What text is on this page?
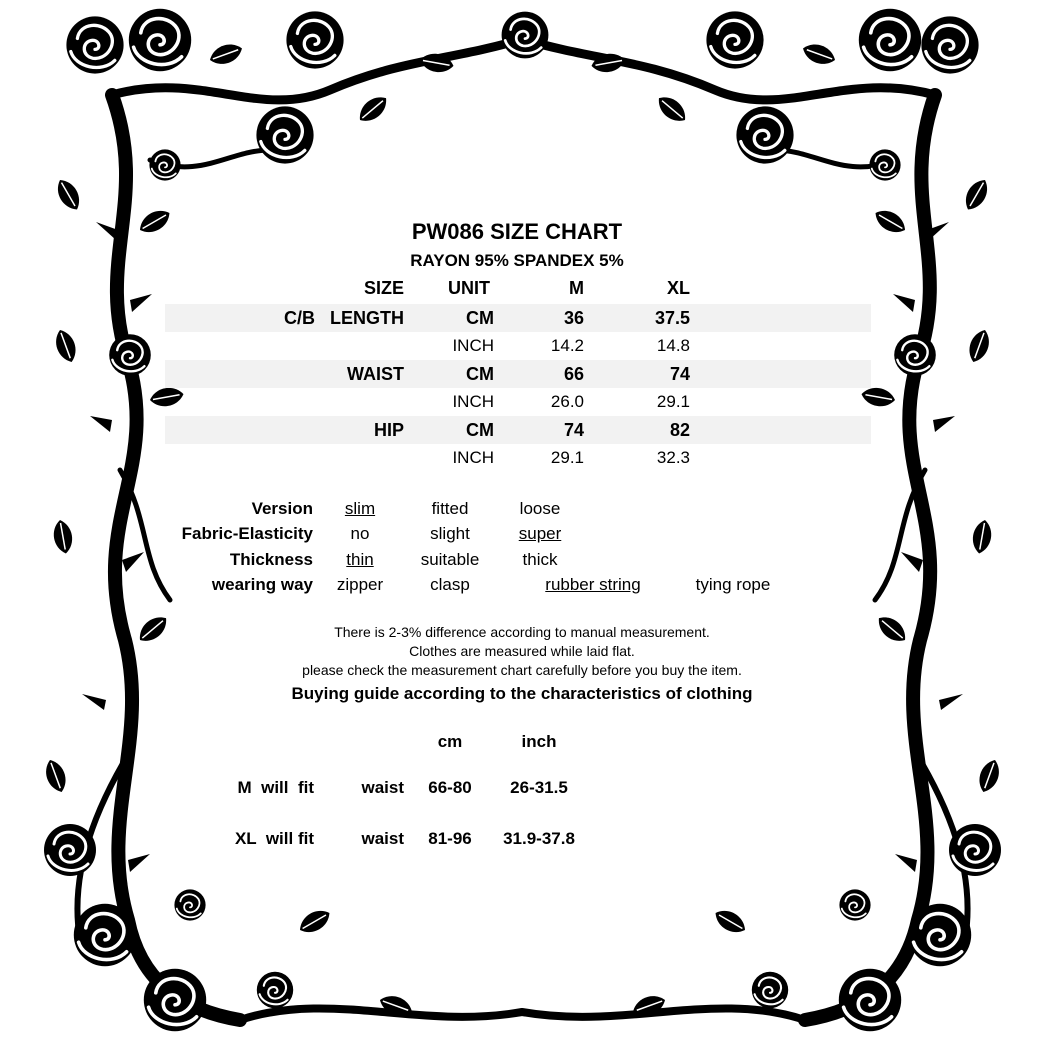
PW086 SIZE CHART
RAYON 95% SPANDEX 5%
SIZE UNIT	M	XL
C/B   LENGTH	CM	36	37.5
INCH	14.2	14.8
WAIST	CM	66	74
INCH	26.0	29.1
HIP	CM	74	82
INCH	29.1	32.3
Version	slim	fitted	loose
Fabric-Elasticity	no	slight	super
Thickness	thin	suitable	thick
wearing way	zipper	clasp	rubber string	tying rope
There is 2-3% difference according to manual measurement.
Clothes are measured while laid flat.
please check the measurement chart carefully before you buy the item.
Buying guide according to the characteristics of clothing
cm	inch
M  will  fit	waist	66-80	26-31.5
XL  will fit	waist	81-96	31.9-37.8
